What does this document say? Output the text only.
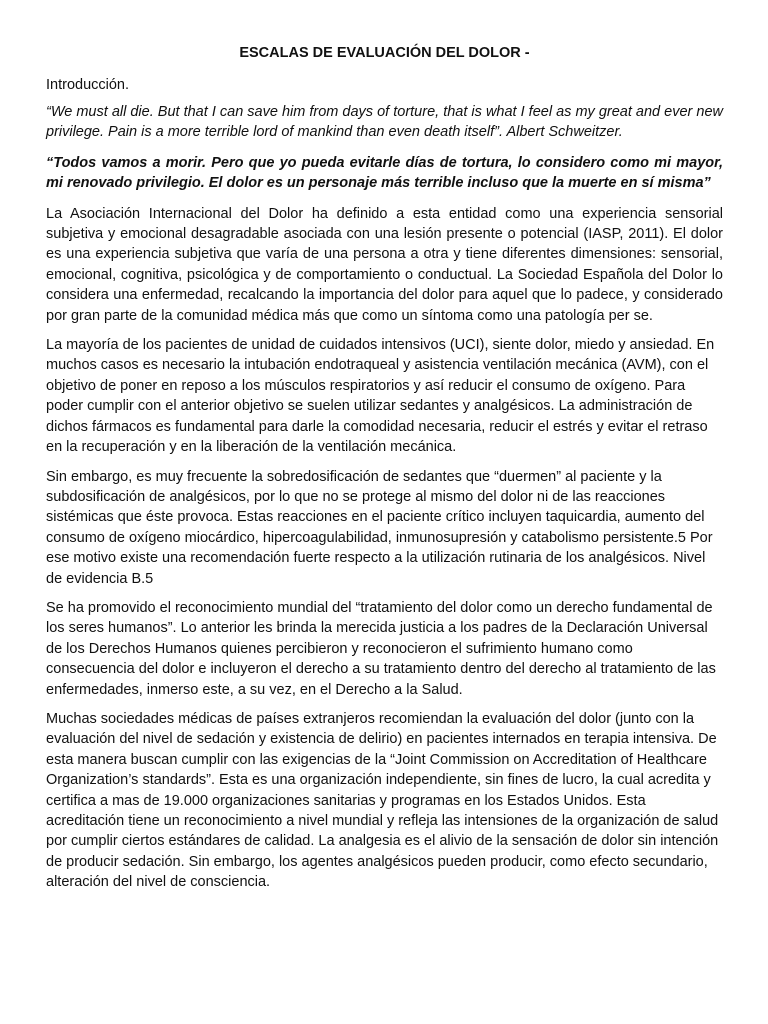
ESCALAS DE EVALUACIÓN DEL DOLOR -
Introducción.
“We must all die. But that I can save him from days of torture, that is what I feel as my great and ever new privilege. Pain is a more terrible lord of mankind than even death itself”. Albert Schweitzer.
“Todos vamos a morir. Pero que yo pueda evitarle días de tortura, lo considero como mi mayor, mi renovado privilegio. El dolor es un personaje más terrible incluso que la muerte en sí misma”
La Asociación Internacional del Dolor ha definido a esta entidad como una experiencia sensorial subjetiva y emocional desagradable asociada con una lesión presente o potencial (IASP, 2011). El dolor es una experiencia subjetiva que varía de una persona a otra y tiene diferentes dimensiones: sensorial, emocional, cognitiva, psicológica y de comportamiento o conductual. La Sociedad Española del Dolor lo considera una enfermedad, recalcando la importancia del dolor para aquel que lo padece, y considerado por gran parte de la comunidad médica más que como un síntoma como una patología per se.
La mayoría de los pacientes de unidad de cuidados intensivos (UCI), siente dolor, miedo y ansiedad. En muchos casos es necesario la intubación endotraqueal y asistencia ventilación mecánica (AVM), con el objetivo de poner en reposo a los músculos respiratorios y así reducir el consumo de oxígeno. Para poder cumplir con el anterior objetivo se suelen utilizar sedantes y analgésicos. La administración de dichos fármacos es fundamental para darle la comodidad necesaria, reducir el estrés y evitar el retraso en la recuperación y en la liberación de la ventilación mecánica.
Sin embargo, es muy frecuente la sobredosificación de sedantes que “duermen” al paciente y la subdosificación de analgésicos, por lo que no se protege al mismo del dolor ni de las reacciones sistémicas que éste provoca. Estas reacciones en el paciente crítico incluyen taquicardia, aumento del consumo de oxígeno miocárdico, hipercoagulabilidad, inmunosupresión y catabolismo persistente.5 Por ese motivo existe una recomendación fuerte respecto a la utilización rutinaria de los analgésicos. Nivel de evidencia B.5
Se ha promovido el reconocimiento mundial del “tratamiento del dolor como un derecho fundamental de los seres humanos”. Lo anterior les brinda la merecida justicia a los padres de la Declaración Universal de los Derechos Humanos quienes percibieron y reconocieron el sufrimiento humano como consecuencia del dolor e incluyeron el derecho a su tratamiento dentro del derecho al tratamiento de las enfermedades, inmerso este, a su vez, en el Derecho a la Salud.
Muchas sociedades médicas de países extranjeros recomiendan la evaluación del dolor (junto con la evaluación del nivel de sedación y existencia de delirio) en pacientes internados en terapia intensiva. De esta manera buscan cumplir con las exigencias de la “Joint Commission on Accreditation of Healthcare Organization’s standards”. Esta es una organización independiente, sin fines de lucro, la cual acredita y certifica a mas de 19.000 organizaciones sanitarias y programas en los Estados Unidos. Esta acreditación tiene un reconocimiento a nivel mundial y refleja las intensiones de la organización de salud por cumplir ciertos estándares de calidad. La analgesia es el alivio de la sensación de dolor sin intención de producir sedación. Sin embargo, los agentes analgésicos pueden producir, como efecto secundario, alteración del nivel de consciencia.
